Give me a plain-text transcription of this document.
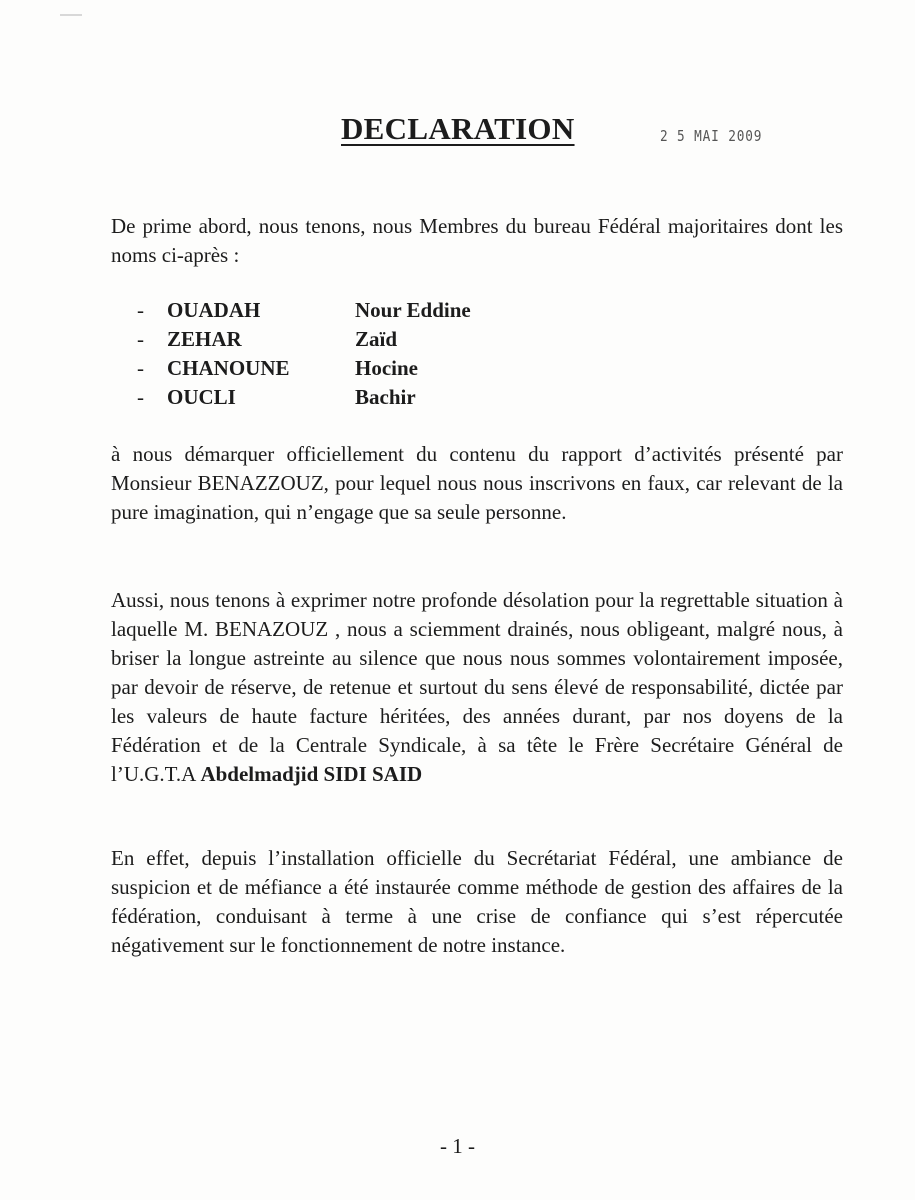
DECLARATION	2 5 MAI 2009

De prime abord, nous tenons, nous Membres du bureau Fédéral majoritaires dont les noms ci-après :

- OUADAH	Nour Eddine
- ZEHAR	Zaïd
- CHANOUNE	Hocine
- OUCLI	Bachir

à nous démarquer officiellement du contenu du rapport d’activités présenté par Monsieur BENAZZOUZ, pour lequel nous nous inscrivons en faux, car relevant de la pure imagination, qui n’engage que sa seule personne.

Aussi, nous tenons à exprimer notre profonde désolation pour la regrettable situation à laquelle M. BENAZOUZ , nous a sciemment drainés, nous obligeant, malgré nous, à briser la longue astreinte au silence que nous nous sommes volontairement imposée, par devoir de réserve, de retenue et surtout du sens élevé de responsabilité, dictée par les valeurs de haute facture héritées, des années durant, par nos doyens de la Fédération et de la Centrale Syndicale, à sa tête le Frère Secrétaire Général de l’U.G.T.A Abdelmadjid SIDI SAID

En effet, depuis l’installation officielle du Secrétariat Fédéral, une ambiance de suspicion et de méfiance a été instaurée comme méthode de gestion des affaires de la fédération, conduisant à terme à une crise de confiance qui s’est répercutée négativement sur le fonctionnement de notre instance.

- 1 -
